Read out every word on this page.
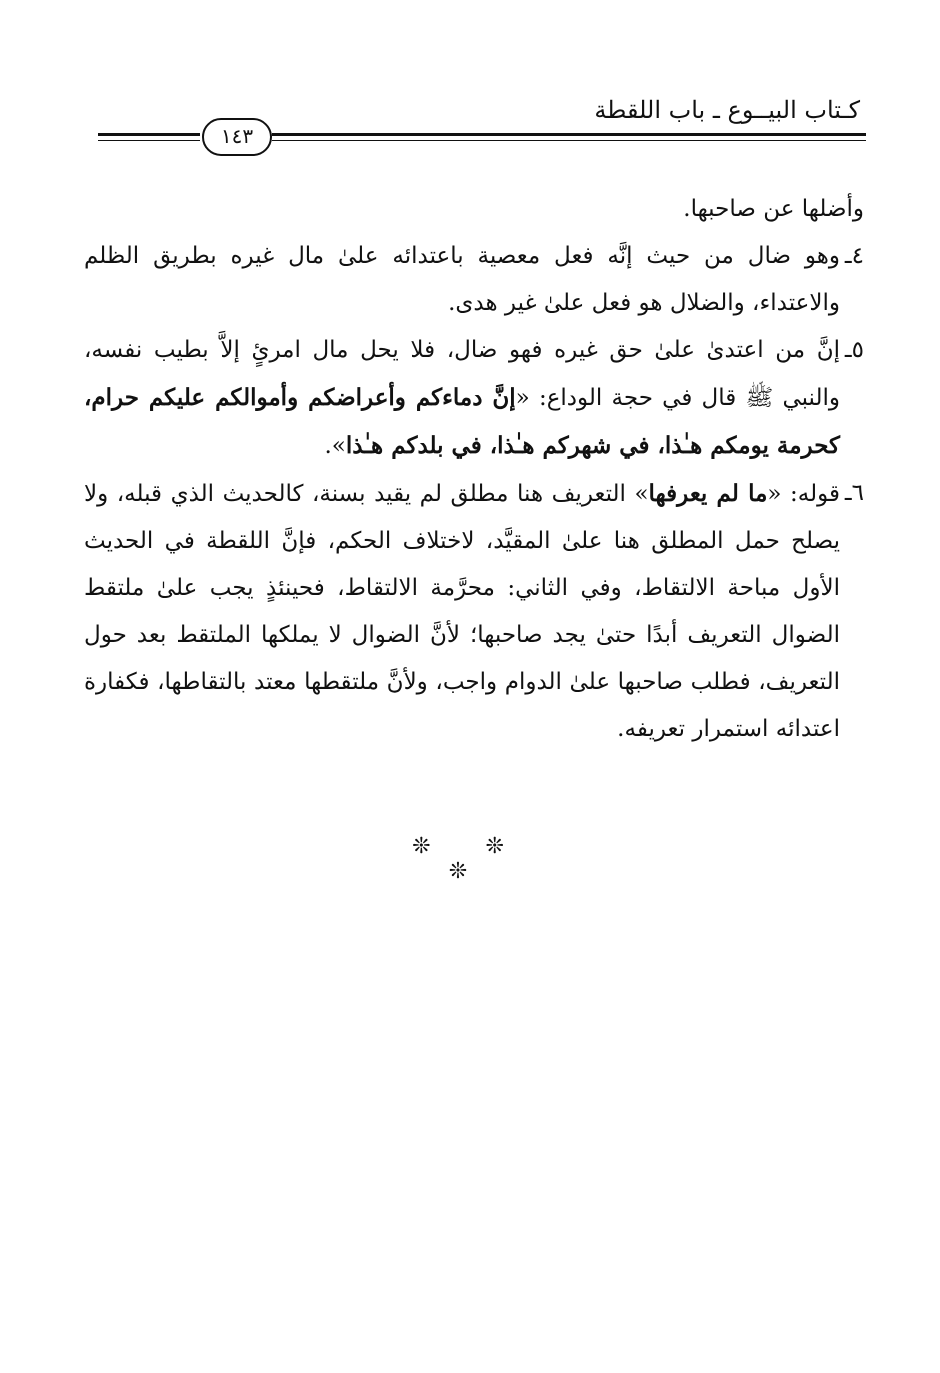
كـتاب البيــوع ـ باب اللقطة
١٤٣

وأضلها عن صاحبها.

٤ـ
وهو ضال من حيث إنَّه فعل معصية باعتدائه علىٰ مال غيره بطريق الظلم والاعتداء، والضلال هو فعل علىٰ غير هدى.

٥ـ
إنَّ من اعتدىٰ علىٰ حق غيره فهو ضال، فلا يحل مال امرئٍ إلاَّ بطيب نفسه، والنبي ﷺ قال في حجة الوداع: «إنَّ دماءكم وأعراضكم وأموالكم عليكم حرام، كحرمة يومكم هـٰذا، في شهركم هـٰذا، في بلدكم هـٰذا».

٦ـ
قوله: «ما لم يعرفها» التعريف هنا مطلق لم يقيد بسنة، كالحديث الذي قبله، ولا يصلح حمل المطلق هنا علىٰ المقيَّد، لاختلاف الحكم، فإنَّ اللقطة في الحديث الأول مباحة الالتقاط، وفي الثاني: محرَّمة الالتقاط، فحينئذٍ يجب علىٰ ملتقط الضوال التعريف أبدًا حتىٰ يجد صاحبها؛ لأنَّ الضوال لا يملكها الملتقط بعد حول التعريف، فطلب صاحبها علىٰ الدوام واجب، ولأنَّ ملتقطها معتد بالتقاطها، فكفارة اعتدائه استمرار تعريفه.

❊ ❊ ❊
